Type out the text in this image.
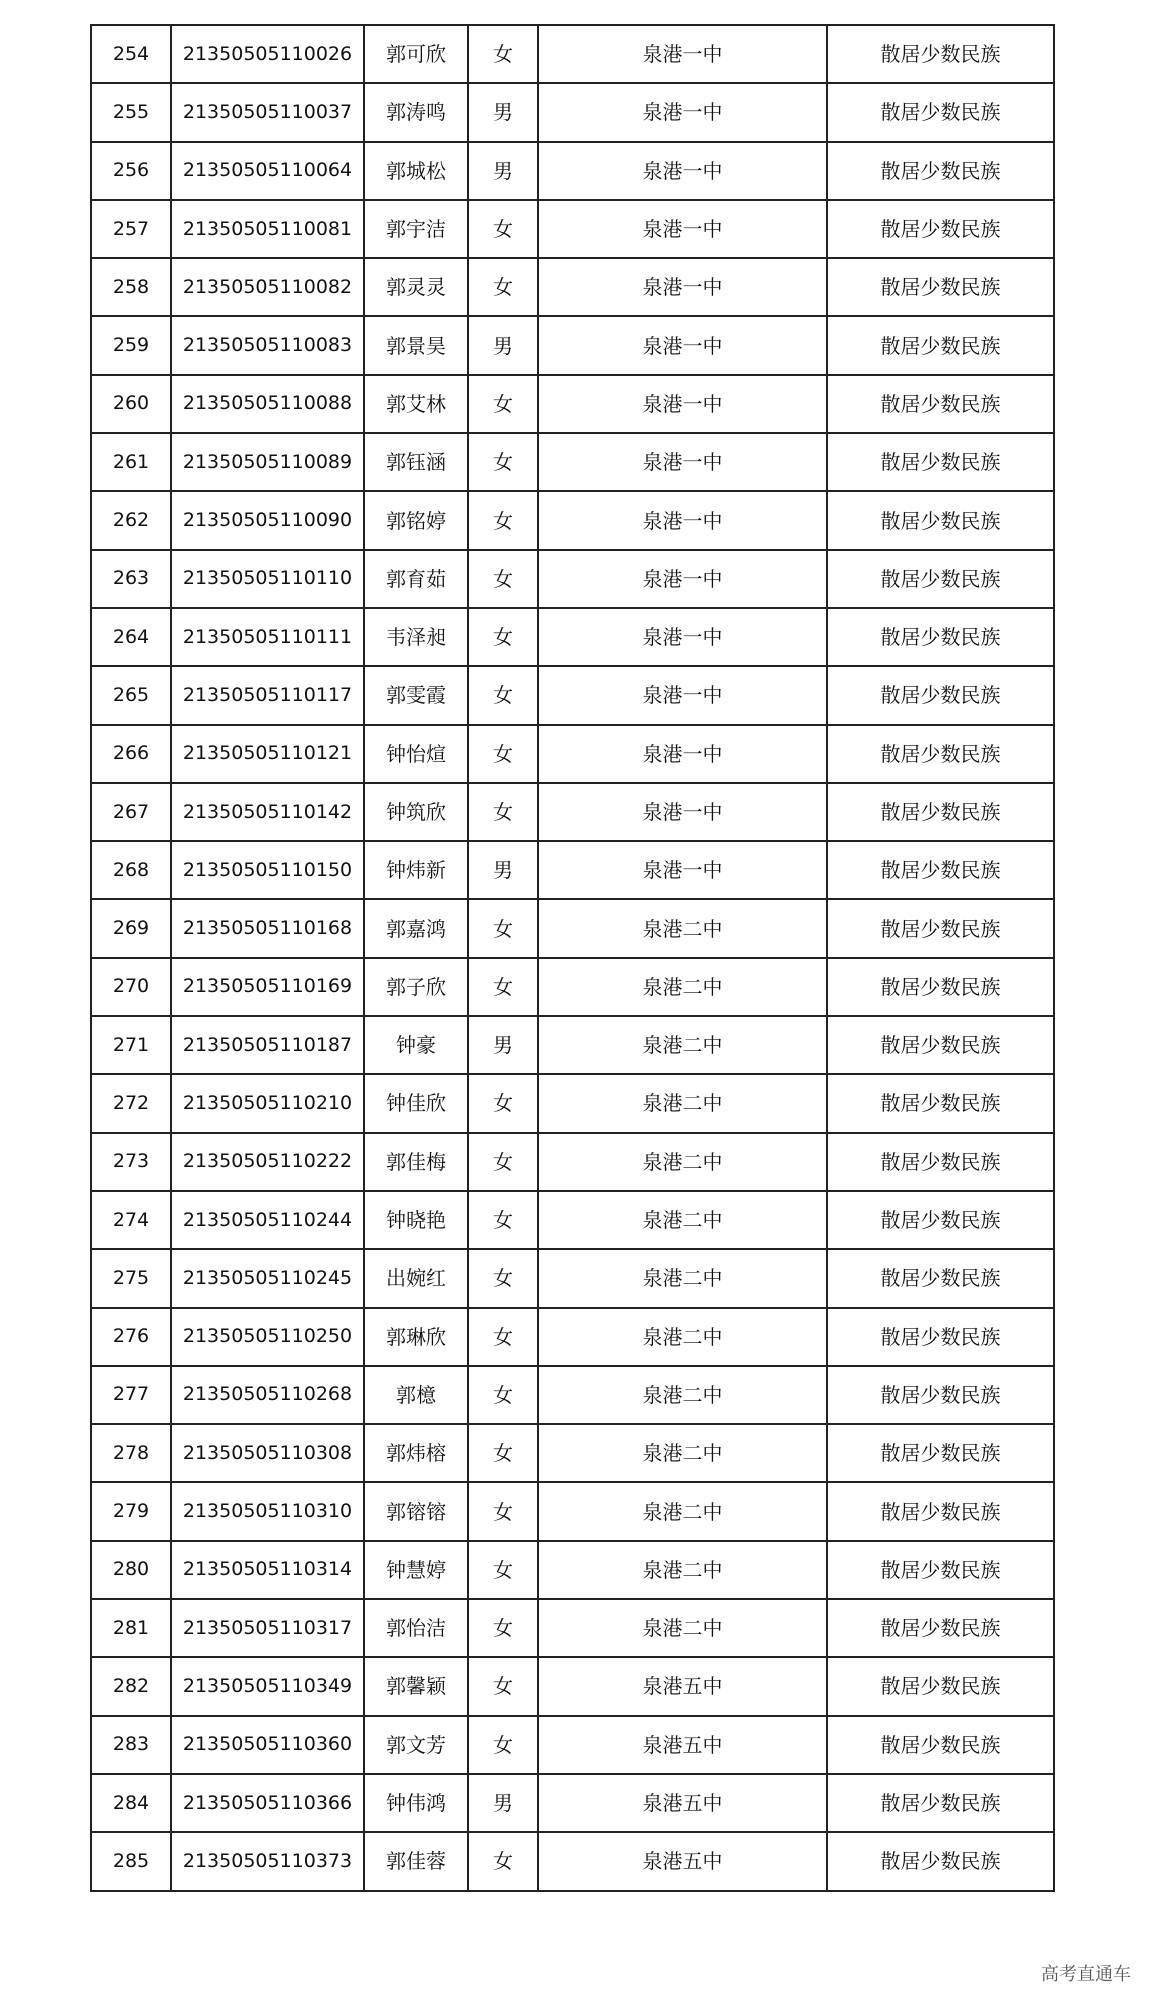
254	21350505110026	郭可欣	女	泉港一中	散居少数民族
255	21350505110037	郭涛鸣	男	泉港一中	散居少数民族
256	21350505110064	郭城松	男	泉港一中	散居少数民族
257	21350505110081	郭宇洁	女	泉港一中	散居少数民族
258	21350505110082	郭灵灵	女	泉港一中	散居少数民族
259	21350505110083	郭景昊	男	泉港一中	散居少数民族
260	21350505110088	郭艾林	女	泉港一中	散居少数民族
261	21350505110089	郭钰涵	女	泉港一中	散居少数民族
262	21350505110090	郭铭婷	女	泉港一中	散居少数民族
263	21350505110110	郭育茹	女	泉港一中	散居少数民族
264	21350505110111	韦泽昶	女	泉港一中	散居少数民族
265	21350505110117	郭雯霞	女	泉港一中	散居少数民族
266	21350505110121	钟怡煊	女	泉港一中	散居少数民族
267	21350505110142	钟筑欣	女	泉港一中	散居少数民族
268	21350505110150	钟炜新	男	泉港一中	散居少数民族
269	21350505110168	郭嘉鸿	女	泉港二中	散居少数民族
270	21350505110169	郭子欣	女	泉港二中	散居少数民族
271	21350505110187	钟豪	男	泉港二中	散居少数民族
272	21350505110210	钟佳欣	女	泉港二中	散居少数民族
273	21350505110222	郭佳梅	女	泉港二中	散居少数民族
274	21350505110244	钟晓艳	女	泉港二中	散居少数民族
275	21350505110245	出婉红	女	泉港二中	散居少数民族
276	21350505110250	郭琳欣	女	泉港二中	散居少数民族
277	21350505110268	郭檍	女	泉港二中	散居少数民族
278	21350505110308	郭炜榕	女	泉港二中	散居少数民族
279	21350505110310	郭镕镕	女	泉港二中	散居少数民族
280	21350505110314	钟慧婷	女	泉港二中	散居少数民族
281	21350505110317	郭怡洁	女	泉港二中	散居少数民族
282	21350505110349	郭馨颖	女	泉港五中	散居少数民族
283	21350505110360	郭文芳	女	泉港五中	散居少数民族
284	21350505110366	钟伟鸿	男	泉港五中	散居少数民族
285	21350505110373	郭佳蓉	女	泉港五中	散居少数民族
高考直通车
